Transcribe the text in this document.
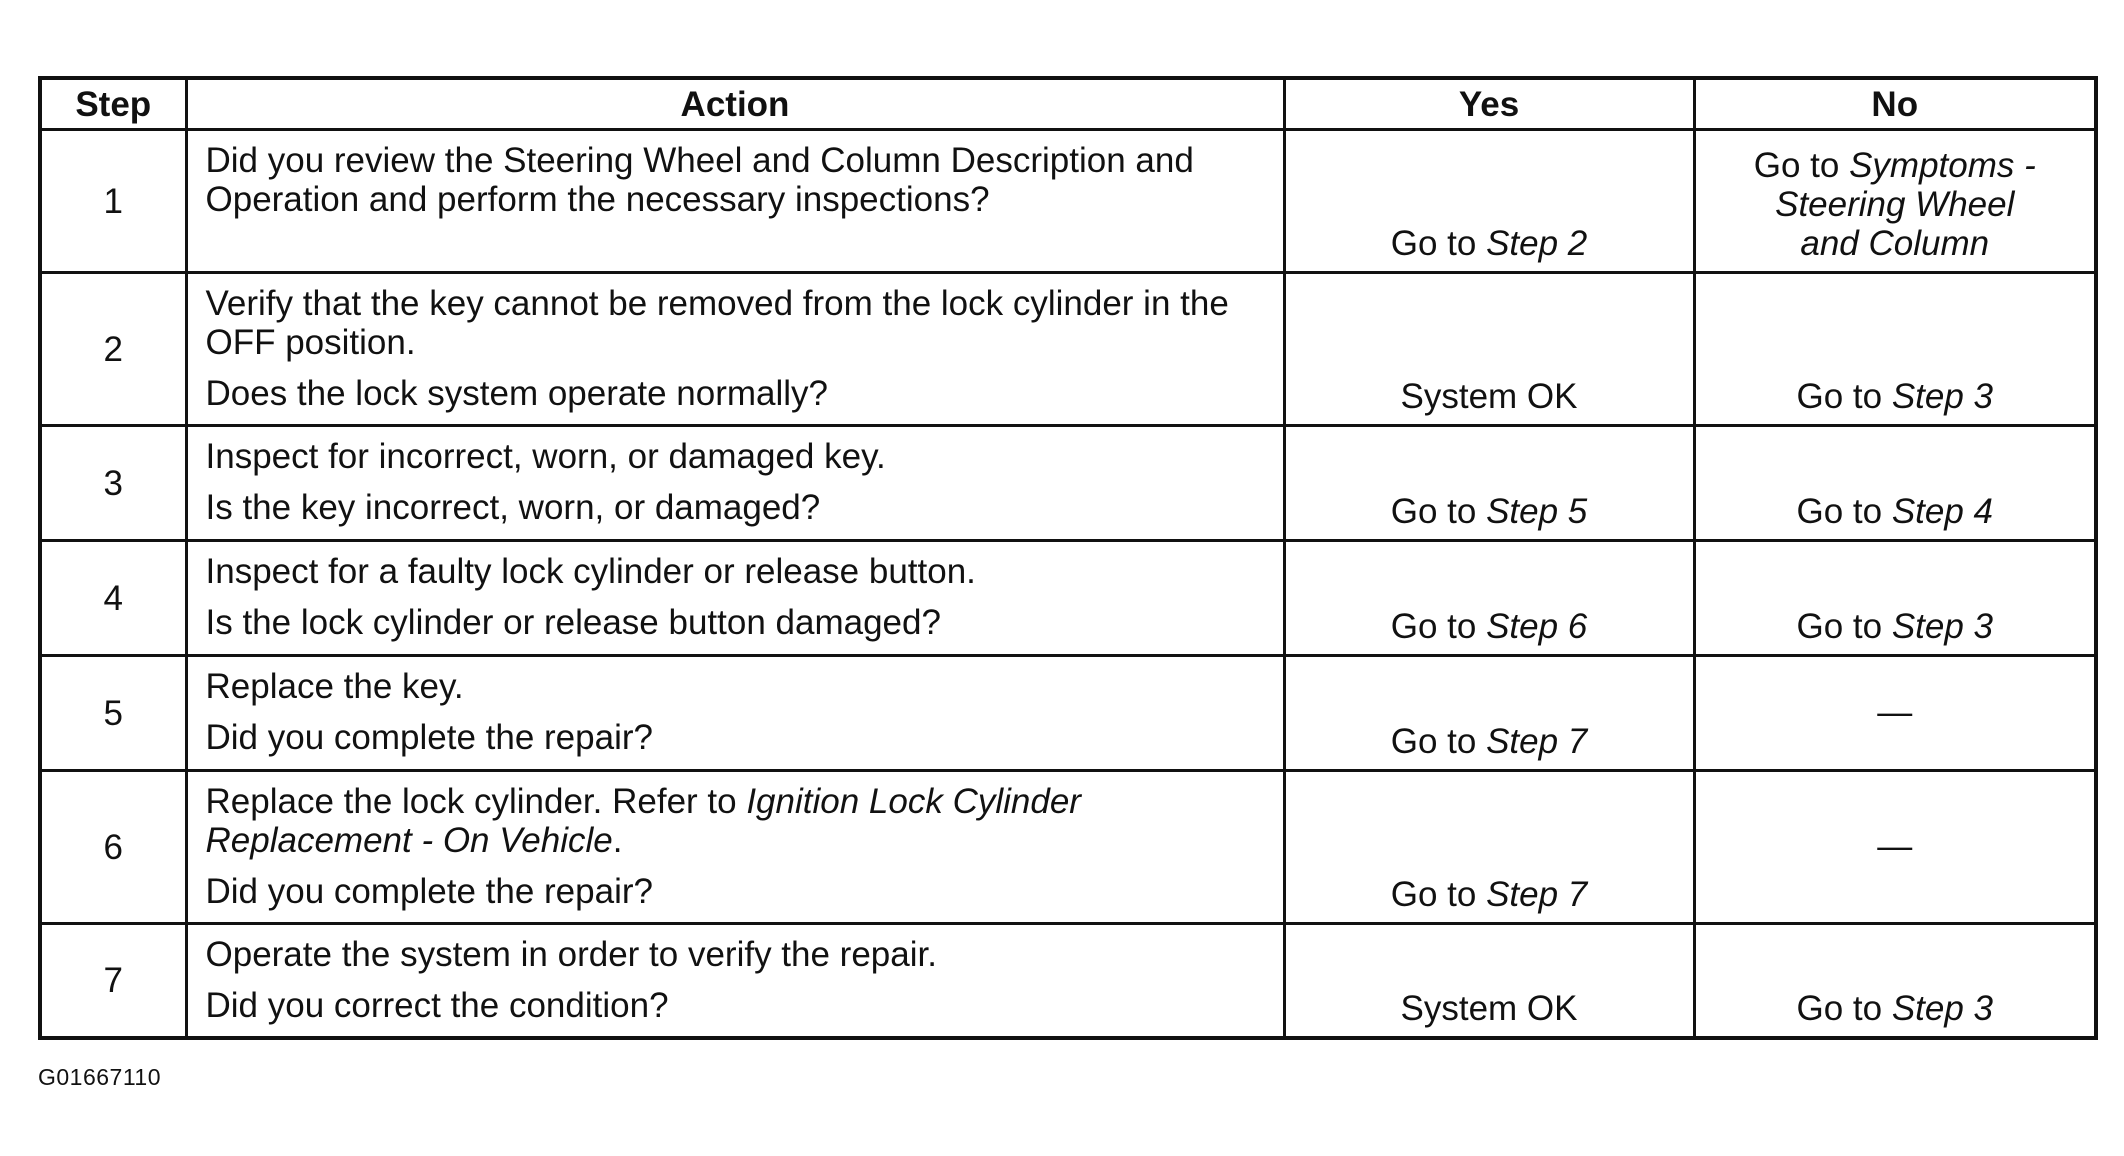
Step	Action	Yes	No
1	Did you review the Steering Wheel and Column Description and Operation and perform the necessary inspections?	Go to Step 2	Go to Symptoms -
Steering Wheel
and Column

2	Verify that the key cannot be removed from the lock cylinder in the OFF position.
Does the lock system operate normally?	System OK	Go to Step 3
3	Inspect for incorrect, worn, or damaged key.
Is the key incorrect, worn, or damaged?	Go to Step 5	Go to Step 4
4	Inspect for a faulty lock cylinder or release button.
Is the lock cylinder or release button damaged?	Go to Step 6	Go to Step 3
5	Replace the key.
Did you complete the repair?	Go to Step 7	—
6	Replace the lock cylinder. Refer to Ignition Lock Cylinder Replacement - On Vehicle.
Did you complete the repair?	Go to Step 7	—
7	Operate the system in order to verify the repair.
Did you correct the condition?	System OK	Go to Step 3
G01667110
